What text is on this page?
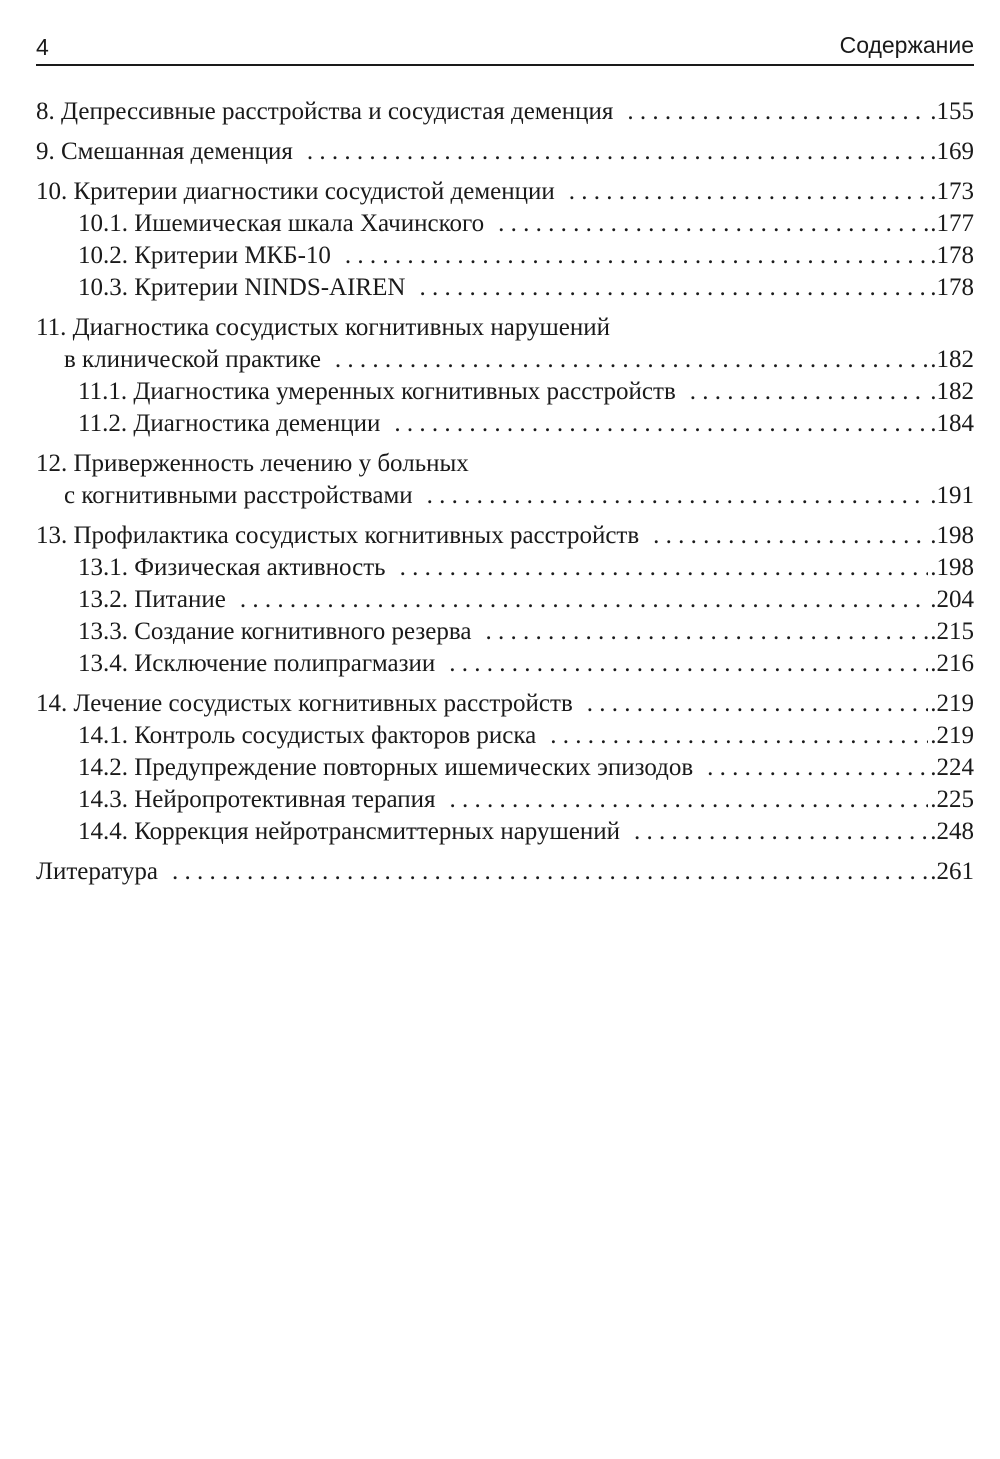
4	Содержание
8. Депрессивные расстройства и сосудистая деменция . . .	.155
9. Смешанная деменция . . .	.169
10. Критерии диагностики сосудистой деменции . . .	.173
10.1. Ишемическая шкала Хачинского . . .	.177
10.2. Критерии МКБ-10 . . .	.178
10.3. Критерии NINDS-AIREN . . .	.178
11. Диагностика сосудистых когнитивных нарушений
в клинической практике . . .	.182
11.1. Диагностика умеренных когнитивных расстройств . . .	.182
11.2. Диагностика деменции . . .	.184
12. Приверженность лечению у больных
с когнитивными расстройствами . . .	.191
13. Профилактика сосудистых когнитивных расстройств . . .	.198
13.1. Физическая активность . . .	.198
13.2. Питание . . .	.204
13.3. Создание когнитивного резерва . . .	.215
13.4. Исключение полипрагмазии . . .	.216
14. Лечение сосудистых когнитивных расстройств . . .	.219
14.1. Контроль сосудистых факторов риска . . .	.219
14.2. Предупреждение повторных ишемических эпизодов . . .	.224
14.3. Нейропротективная терапия . . .	.225
14.4. Коррекция нейротрансмиттерных нарушений . . .	.248
Литература . . .	.261
